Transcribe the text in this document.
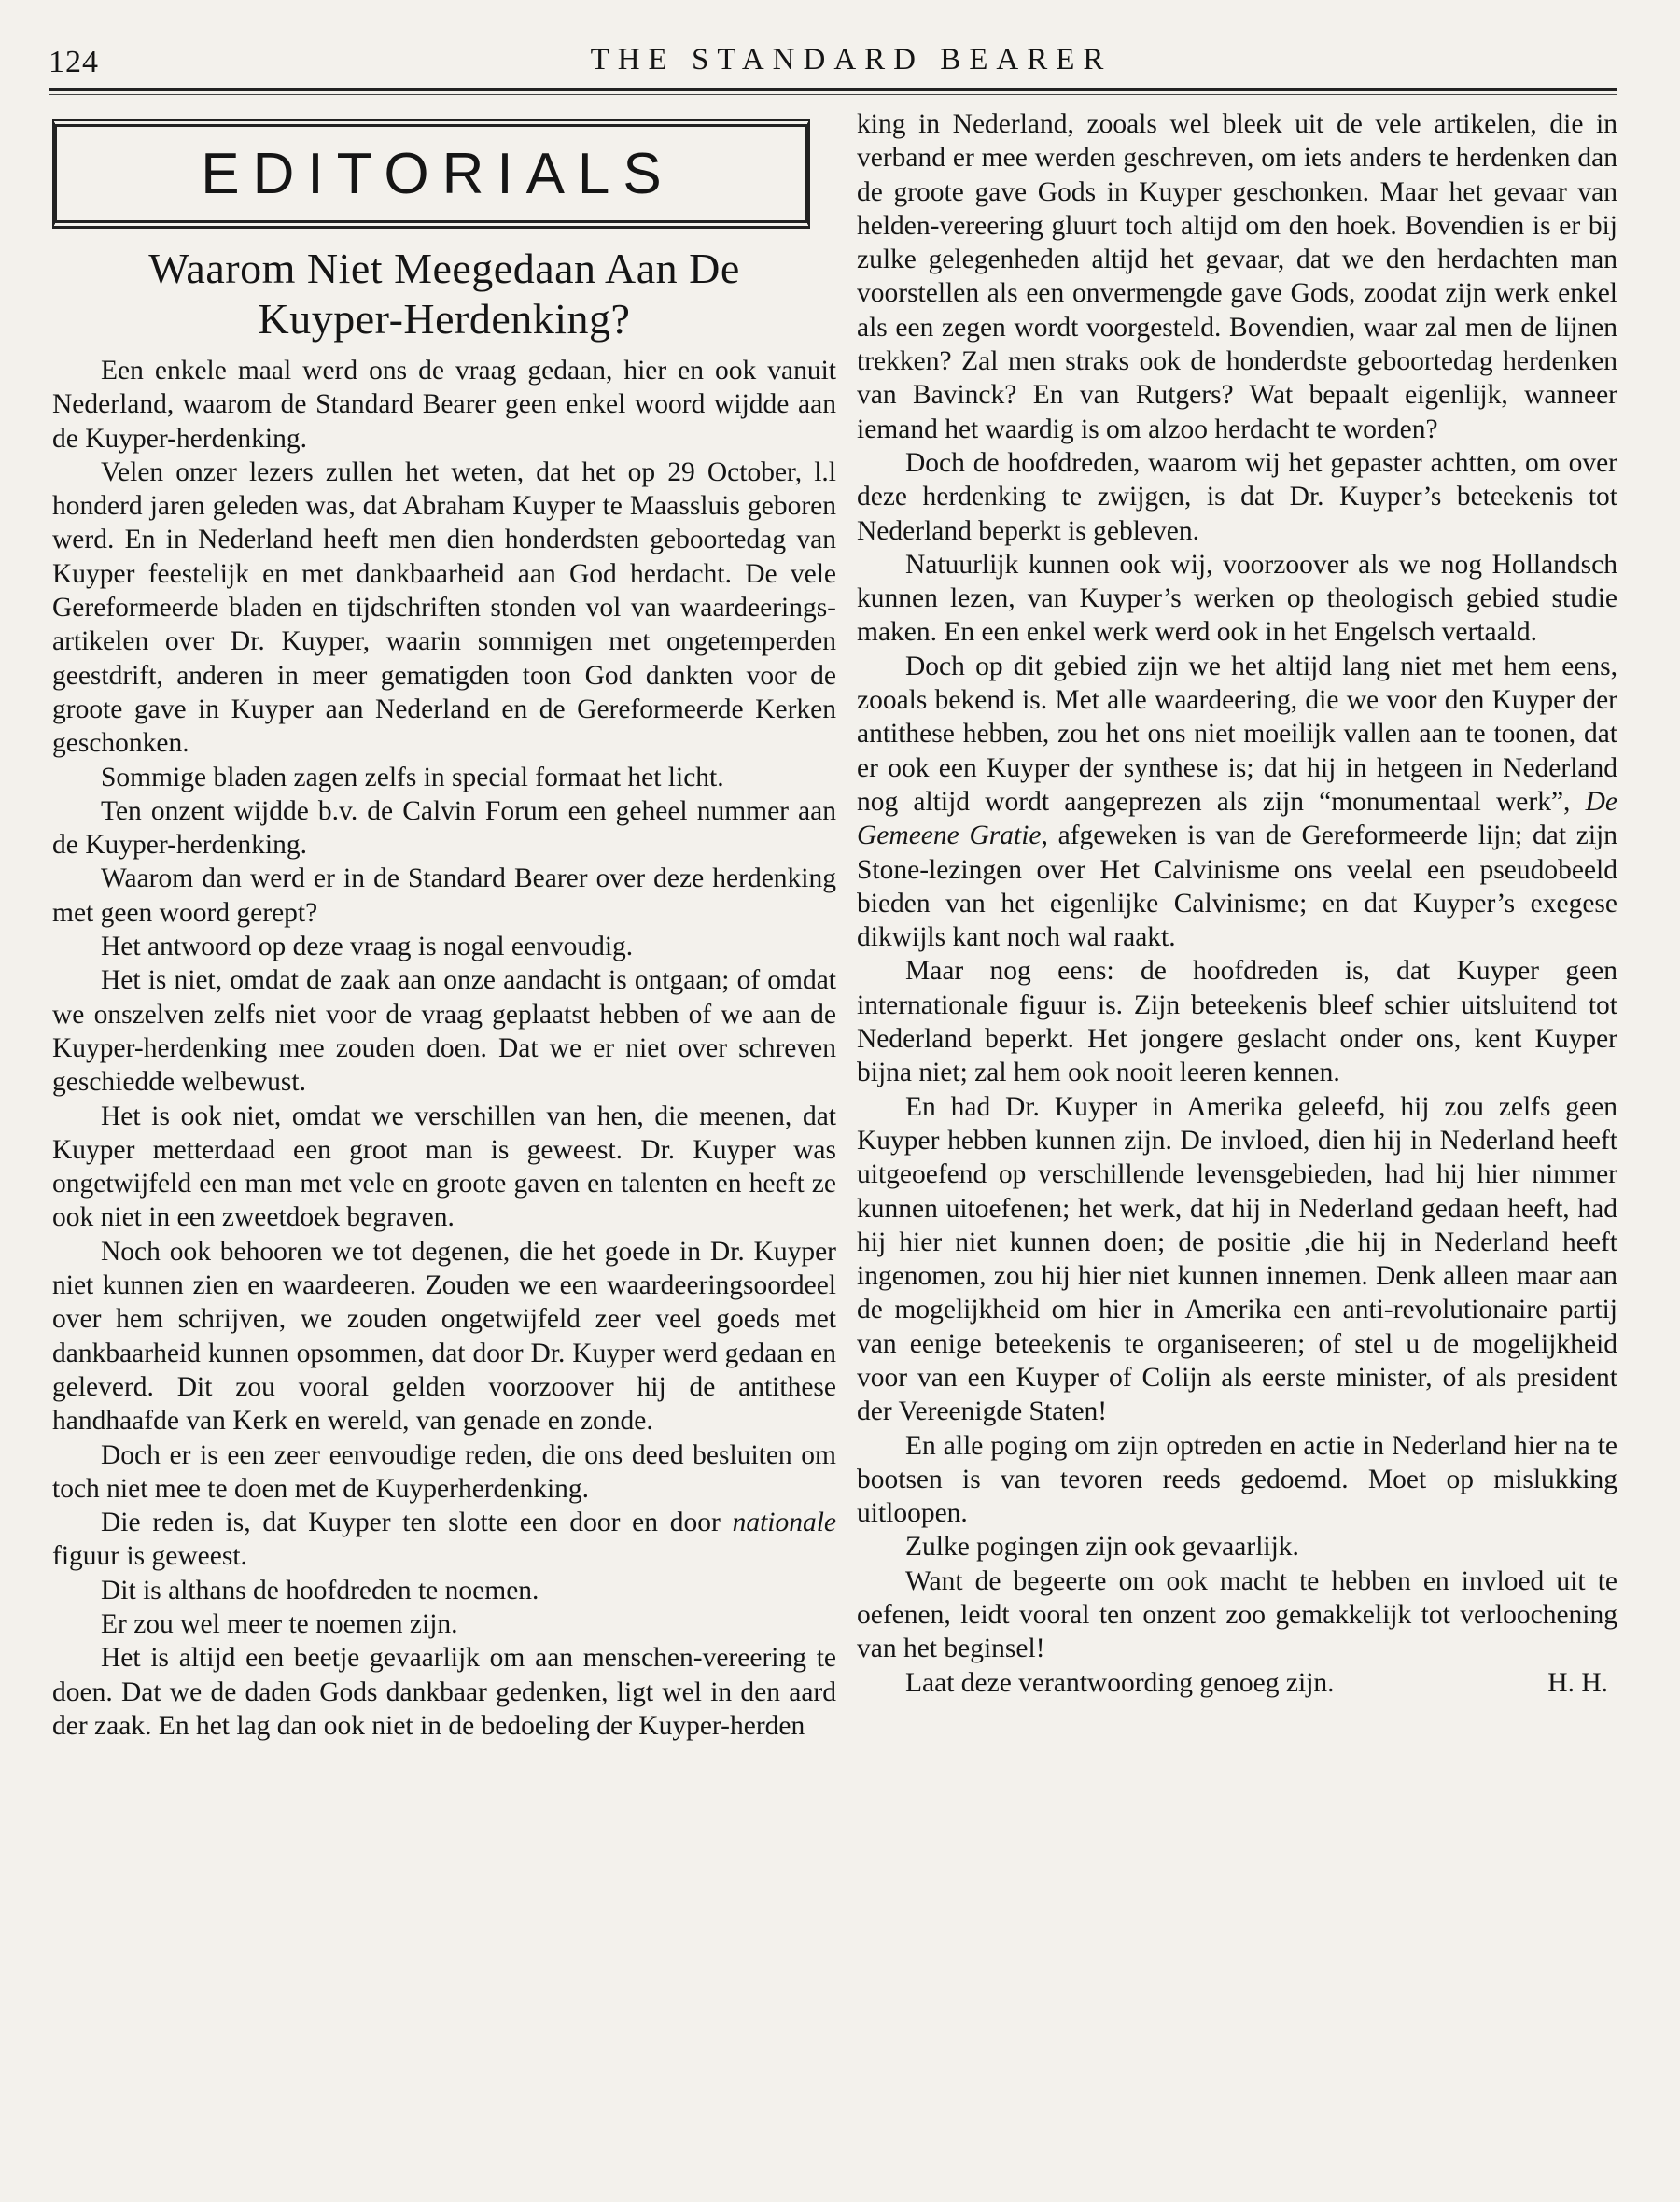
124	THE STANDARD BEARER
EDITORIALS
Waarom Niet Meegedaan Aan De
Kuyper-Herdenking?

Een enkele maal werd ons de vraag gedaan, hier en ook vanuit Nederland, waarom de Standard Bearer geen enkel woord wijdde aan de Kuyper-herdenking.

Velen onzer lezers zullen het weten, dat het op 29 October, l.l honderd jaren geleden was, dat Abraham Kuyper te Maassluis geboren werd. En in Nederland heeft men dien honderdsten geboortedag van Kuyper feestelijk en met dankbaarheid aan God herdacht. De vele Gereformeerde bladen en tijdschriften stonden vol van waardeerings-artikelen over Dr. Kuyper, waarin sommigen met ongetemperden geestdrift, anderen in meer gematigden toon God dankten voor de groote gave in Kuyper aan Nederland en de Gereformeerde Kerken geschonken.

Sommige bladen zagen zelfs in special formaat het licht.

Ten onzent wijdde b.v. de Calvin Forum een geheel nummer aan de Kuyper-herdenking.

Waarom dan werd er in de Standard Bearer over deze herdenking met geen woord gerept?

Het antwoord op deze vraag is nogal eenvoudig.

Het is niet, omdat de zaak aan onze aandacht is ontgaan; of omdat we onszelven zelfs niet voor de vraag geplaatst hebben of we aan de Kuyper-herdenking mee zouden doen. Dat we er niet over schreven geschiedde welbewust.

Het is ook niet, omdat we verschillen van hen, die meenen, dat Kuyper metterdaad een groot man is geweest. Dr. Kuyper was ongetwijfeld een man met vele en groote gaven en talenten en heeft ze ook niet in een zweetdoek begraven.

Noch ook behooren we tot degenen, die het goede in Dr. Kuyper niet kunnen zien en waardeeren. Zouden we een waardeeringsoordeel over hem schrijven, we zouden ongetwijfeld zeer veel goeds met dankbaarheid kunnen opsommen, dat door Dr. Kuyper werd gedaan en geleverd. Dit zou vooral gelden voorzoover hij de antithese handhaafde van Kerk en wereld, van genade en zonde.

Doch er is een zeer eenvoudige reden, die ons deed besluiten om toch niet mee te doen met de Kuyperherdenking.

Die reden is, dat Kuyper ten slotte een door en door nationale figuur is geweest.

Dit is althans de hoofdreden te noemen.

Er zou wel meer te noemen zijn.

Het is altijd een beetje gevaarlijk om aan menschen-vereering te doen. Dat we de daden Gods dankbaar gedenken, ligt wel in den aard der zaak. En het lag dan ook niet in de bedoeling der Kuyper-herden

king in Nederland, zooals wel bleek uit de vele artikelen, die in verband er mee werden geschreven, om iets anders te herdenken dan de groote gave Gods in Kuyper geschonken. Maar het gevaar van helden-vereering gluurt toch altijd om den hoek. Bovendien is er bij zulke gelegenheden altijd het gevaar, dat we den herdachten man voorstellen als een onvermengde gave Gods, zoodat zijn werk enkel als een zegen wordt voorgesteld. Bovendien, waar zal men de lijnen trekken? Zal men straks ook de honderdste geboortedag herdenken van Bavinck? En van Rutgers? Wat bepaalt eigenlijk, wanneer iemand het waardig is om alzoo herdacht te worden?

Doch de hoofdreden, waarom wij het gepaster achtten, om over deze herdenking te zwijgen, is dat Dr. Kuyper’s beteekenis tot Nederland beperkt is gebleven.

Natuurlijk kunnen ook wij, voorzoover als we nog Hollandsch kunnen lezen, van Kuyper’s werken op theologisch gebied studie maken. En een enkel werk werd ook in het Engelsch vertaald.

Doch op dit gebied zijn we het altijd lang niet met hem eens, zooals bekend is. Met alle waardeering, die we voor den Kuyper der antithese hebben, zou het ons niet moeilijk vallen aan te toonen, dat er ook een Kuyper der synthese is; dat hij in hetgeen in Nederland nog altijd wordt aangeprezen als zijn “monumentaal werk”, De Gemeene Gratie, afgeweken is van de Gereformeerde lijn; dat zijn Stone-lezingen over Het Calvinisme ons veelal een pseudobeeld bieden van het eigenlijke Calvinisme; en dat Kuyper’s exegese dikwijls kant noch wal raakt.

Maar nog eens: de hoofdreden is, dat Kuyper geen internationale figuur is. Zijn beteekenis bleef schier uitsluitend tot Nederland beperkt. Het jongere geslacht onder ons, kent Kuyper bijna niet; zal hem ook nooit leeren kennen.

En had Dr. Kuyper in Amerika geleefd, hij zou zelfs geen Kuyper hebben kunnen zijn. De invloed, dien hij in Nederland heeft uitgeoefend op verschillende levensgebieden, had hij hier nimmer kunnen uitoefenen; het werk, dat hij in Nederland gedaan heeft, had hij hier niet kunnen doen; de positie ,die hij in Nederland heeft ingenomen, zou hij hier niet kunnen innemen. Denk alleen maar aan de mogelijkheid om hier in Amerika een anti-revolutionaire partij van eenige beteekenis te organiseeren; of stel u de mogelijkheid voor van een Kuyper of Colijn als eerste minister, of als president der Vereenigde Staten!

En alle poging om zijn optreden en actie in Nederland hier na te bootsen is van tevoren reeds gedoemd. Moet op mislukking uitloopen.

Zulke pogingen zijn ook gevaarlijk.

Want de begeerte om ook macht te hebben en invloed uit te oefenen, leidt vooral ten onzent zoo gemakkelijk tot verloochening van het beginsel!

Laat deze verantwoording genoeg zijn.	H. H.
